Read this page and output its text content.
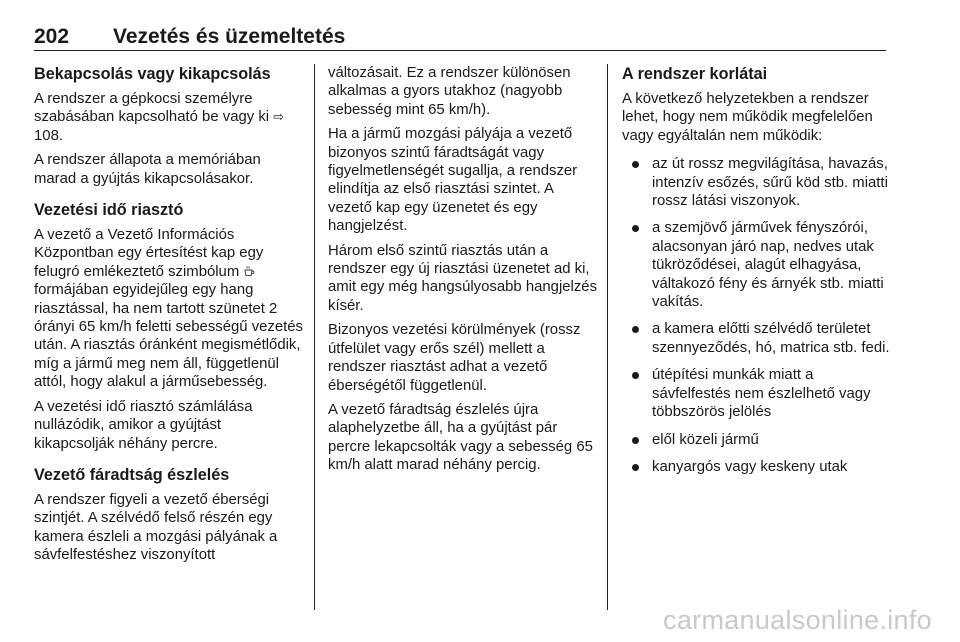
202 Vezetés és üzemeltetés
Bekapcsolás vagy kikapcsolás
A rendszer a gépkocsi személyre szabásában kapcsolható be vagy ki ⇨ 108.
A rendszer állapota a memóriában marad a gyújtás kikapcsolásakor.
Vezetési idő riasztó
A vezető a Vezető Információs Központban egy értesítést kap egy felugró emlékeztető szimbólum  formájában egyidejűleg egy hang riasztással, ha nem tartott szünetet 2 órányi 65 km/h feletti sebességű vezetés után. A riasztás óránként megismétlődik, míg a jármű meg nem áll, függetlenül attól, hogy alakul a járműsebesség.
A vezetési idő riasztó számlálása nullázódik, amikor a gyújtást kikapcsolják néhány percre.
Vezető fáradtság észlelés
A rendszer figyeli a vezető éberségi szintjét. A szélvédő felső részén egy kamera észleli a mozgási pályának a sávfelfestéshez viszonyított
változásait. Ez a rendszer különösen alkalmas a gyors utakhoz (nagyobb sebesség mint 65 km/h).
Ha a jármű mozgási pályája a vezető bizonyos szintű fáradtságát vagy figyelmetlenségét sugallja, a rendszer elindítja az első riasztási szintet. A vezető kap egy üzenetet és egy hangjelzést.
Három első szintű riasztás után a rendszer egy új riasztási üzenetet ad ki, amit egy még hangsúlyosabb hangjelzés kísér.
Bizonyos vezetési körülmények (rossz útfelület vagy erős szél) mellett a rendszer riasztást adhat a vezető éberségétől függetlenül.
A vezető fáradtság észlelés újra alaphelyzetbe áll, ha a gyújtást pár percre lekapcsolták vagy a sebesség 65 km/h alatt marad néhány percig.
A rendszer korlátai
A következő helyzetekben a rendszer lehet, hogy nem működik megfelelően vagy egyáltalán nem működik:
az út rossz megvilágítása, havazás, intenzív esőzés, sűrű köd stb. miatti rossz látási viszonyok.
a szemjövő járművek fényszórói, alacsonyan járó nap, nedves utak tükröződései, alagút elhagyása, váltakozó fény és árnyék stb. miatti vakítás.
a kamera előtti szélvédő területet szennyeződés, hó, matrica stb. fedi.
útépítési munkák miatt a sávfelfestés nem észlelhető vagy többszörös jelölés
elől közeli jármű
kanyargós vagy keskeny utak
carmanualsonline.info
